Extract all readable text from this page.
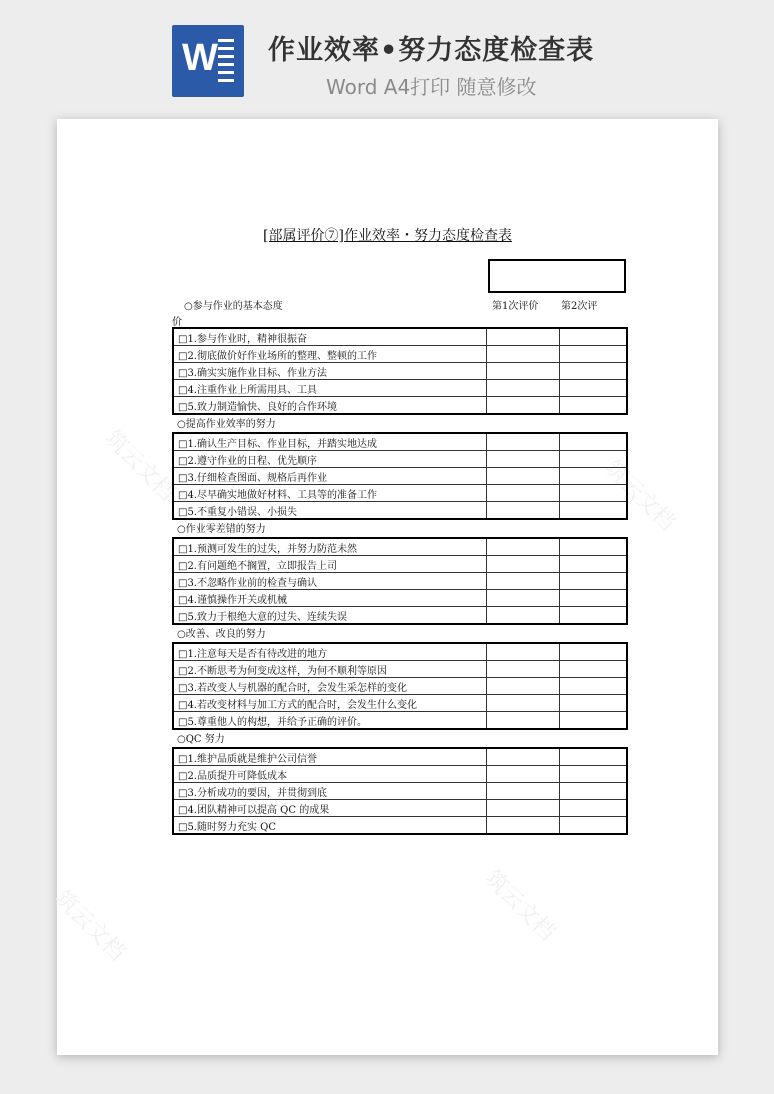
W 作业效率•努力态度检查表
Word A4打印 随意修改
筑云文档	筑云文档
筑云文档	筑云文档
[部属评价⑦]作业效率・努力态度检查表
○参与作业的基本态度	第1次评价 第2次评
价
□1.参与作业时，精神很振奋		
□2.彻底做价好作业场所的整理、整顿的工作		
□3.确实实施作业目标、作业方法		
□4.注重作业上所需用具、工具		
□5.致力制造愉快、良好的合作环境		
○提高作业效率的努力
□1.确认生产目标、作业目标，并踏实地达成		
□2.遵守作业的日程、优先顺序		
□3.仔细检查图面、规格后再作业		
□4.尽早确实地做好材料、工具等的准备工作		
□5.不重复小错误、小损失		
○作业零差错的努力
□1.预测可发生的过失，并努力防范未然		
□2.有问题绝不搁置，立即报告上司		
□3.不忽略作业前的检查与确认		
□4.谨慎操作开关或机械		
□5.致力于根绝大意的过失、连续失误		
○改善、改良的努力
□1.注意每天是否有待改进的地方		
□2.不断思考为何变成这样，为何不顺利等原因		
□3.若改变人与机器的配合时，会发生采怎样的变化		
□4.若改变材料与加工方式的配合时，会发生什么变化		
□5.尊重他人的构想，并给予正确的评价。		
○QC 努力
□1.维护品质就是维护公司信誉		
□2.品质提升可降低成本		
□3.分析成功的要因，并贯彻到底		
□4.团队精神可以提高 QC 的成果		
□5.随时努力充实 QC		
